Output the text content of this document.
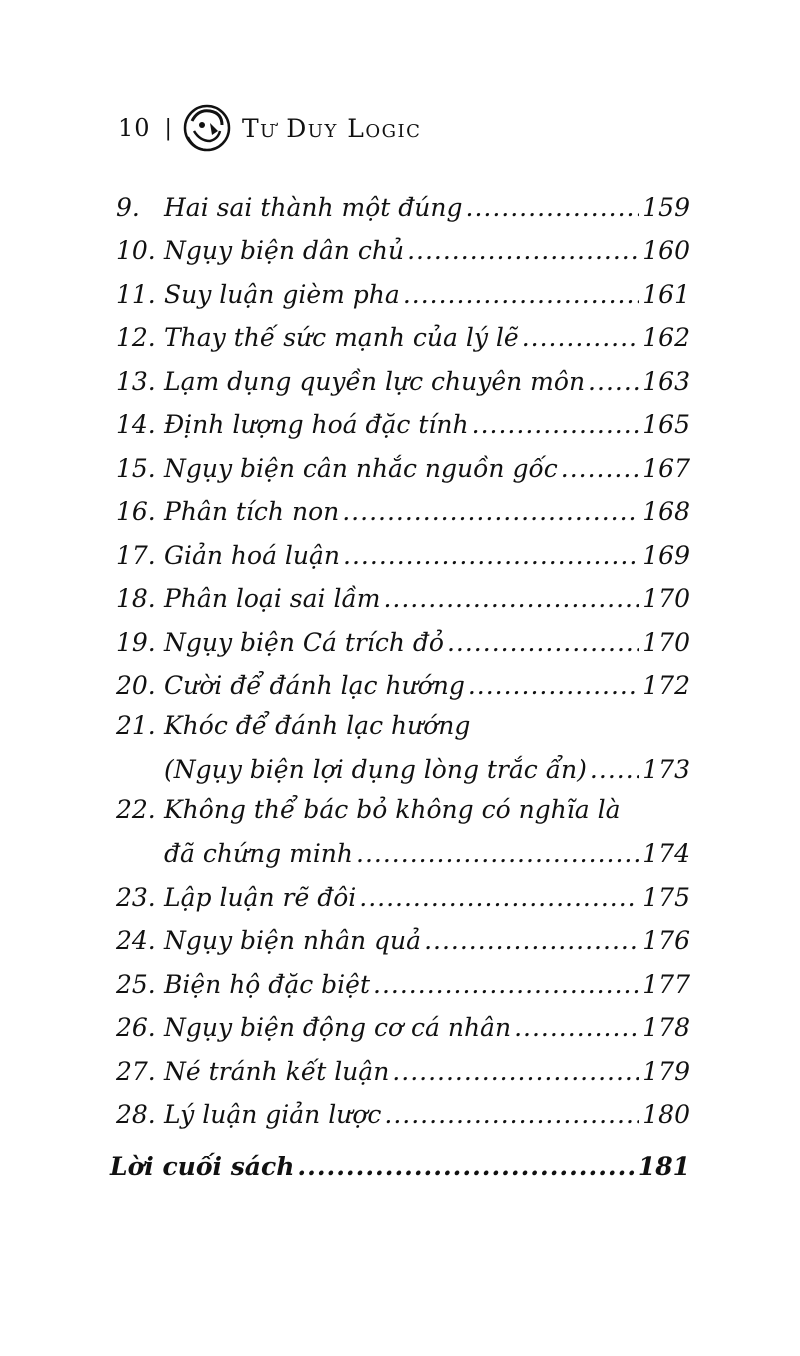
10 |	Tư Duy Logic
9. Hai sai thành một đúng .....	159
10. Ngụy biện dân chủ .....	160
11. Suy luận gièm pha .....	161
12. Thay thế sức mạnh của lý lẽ .....	162
13. Lạm dụng quyền lực chuyên môn ..... 163
14. Định lượng hoá đặc tính .....	165
15. Ngụy biện cân nhắc nguồn gốc .....	167
16. Phân tích non .....	168
17. Giản hoá luận .....	169
18. Phân loại sai lầm .....	170
19. Ngụy biện Cá trích đỏ .....	170
20. Cười để đánh lạc hướng .....	172
21. Khóc để đánh lạc hướng
(Ngụy biện lợi dụng lòng trắc ẩn) ..... 173
22. Không thể bác bỏ không có nghĩa là
đã chứng minh .....	174
23. Lập luận rẽ đôi .....	175
24. Ngụy biện nhân quả .....	176
25. Biện hộ đặc biệt .....	177
26. Ngụy biện động cơ cá nhân .....	178
27. Né tránh kết luận .....	179
28. Lý luận giản lược .....	180
Lời cuối sách .....	181
